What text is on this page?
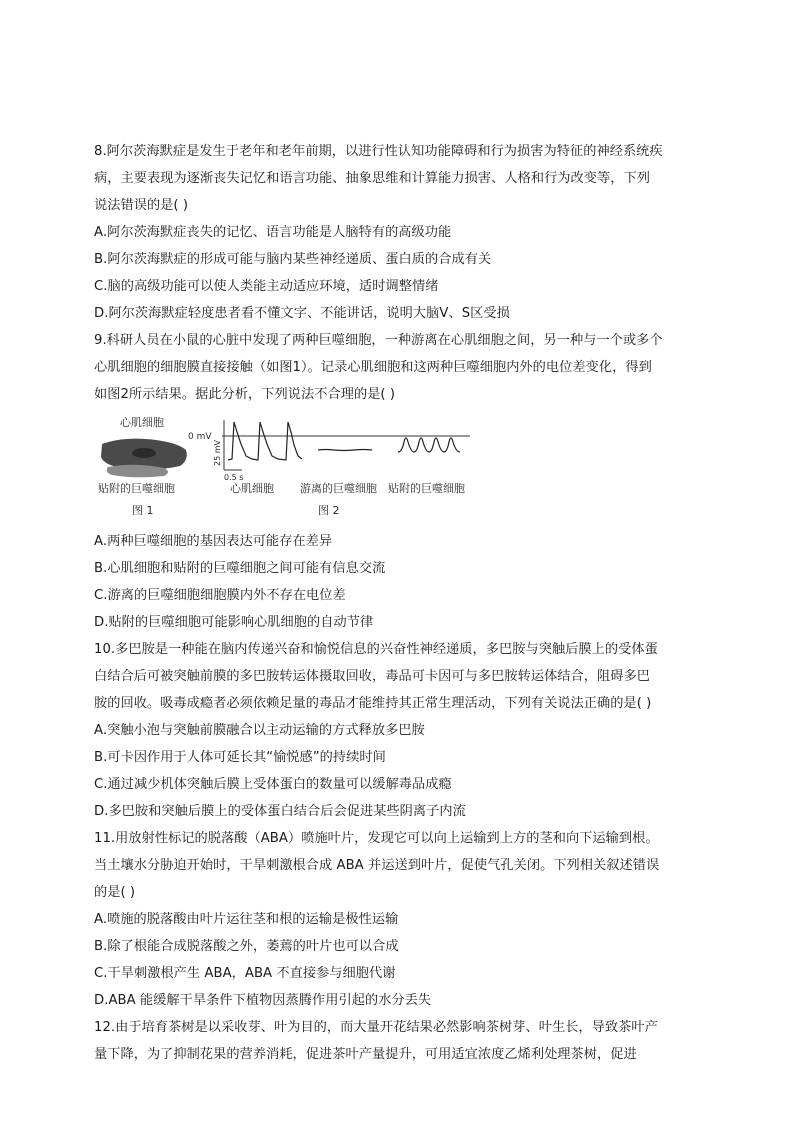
8.阿尔茨海默症是发生于老年和老年前期，以进行性认知功能障碍和行为损害为特征的神经系统疾
病，主要表现为逐渐丧失记忆和语言功能、抽象思维和计算能力损害、人格和行为改变等，下列
说法错误的是( )
A.阿尔茨海默症丧失的记忆、语言功能是人脑特有的高级功能
B.阿尔茨海默症的形成可能与脑内某些神经递质、蛋白质的合成有关
C.脑的高级功能可以使人类能主动适应环境，适时调整情绪
D.阿尔茨海默症轻度患者看不懂文字、不能讲话，说明大脑V、S区受损
9.科研人员在小鼠的心脏中发现了两种巨噬细胞，一种游离在心肌细胞之间，另一种与一个或多个
心肌细胞的细胞膜直接接触（如图1）。记录心肌细胞和这两种巨噬细胞内外的电位差变化，得到
如图2所示结果。据此分析，下列说法不合理的是( )
心肌细胞
贴附的巨噬细胞
图 1
0 mV
25 mV
0.5 s
心肌细胞 游离的巨噬细胞 贴附的巨噬细胞
图 2
A.两种巨噬细胞的基因表达可能存在差异
B.心肌细胞和贴附的巨噬细胞之间可能有信息交流
C.游离的巨噬细胞细胞膜内外不存在电位差
D.贴附的巨噬细胞可能影响心肌细胞的自动节律
10.多巴胺是一种能在脑内传递兴奋和愉悦信息的兴奋性神经递质，多巴胺与突触后膜上的受体蛋
白结合后可被突触前膜的多巴胺转运体摄取回收，毒品可卡因可与多巴胺转运体结合，阻碍多巴
胺的回收。吸毒成瘾者必须依赖足量的毒品才能维持其正常生理活动，下列有关说法正确的是( )
A.突触小泡与突触前膜融合以主动运输的方式释放多巴胺
B.可卡因作用于人体可延长其“愉悦感”的持续时间
C.通过减少机体突触后膜上受体蛋白的数量可以缓解毒品成瘾
D.多巴胺和突触后膜上的受体蛋白结合后会促进某些阴离子内流
11.用放射性标记的脱落酸（ABA）喷施叶片，发现它可以向上运输到上方的茎和向下运输到根。
当土壤水分胁迫开始时，干旱刺激根合成 ABA 并运送到叶片，促使气孔关闭。下列相关叙述错误
的是( )
A.喷施的脱落酸由叶片运往茎和根的运输是极性运输
B.除了根能合成脱落酸之外，萎蔫的叶片也可以合成
C.干旱刺激根产生 ABA，ABA 不直接参与细胞代谢
D.ABA 能缓解干旱条件下植物因蒸腾作用引起的水分丢失
12.由于培育茶树是以采收芽、叶为目的，而大量开花结果必然影响茶树芽、叶生长，导致茶叶产
量下降，为了抑制花果的营养消耗，促进茶叶产量提升，可用适宜浓度乙烯利处理茶树，促进
